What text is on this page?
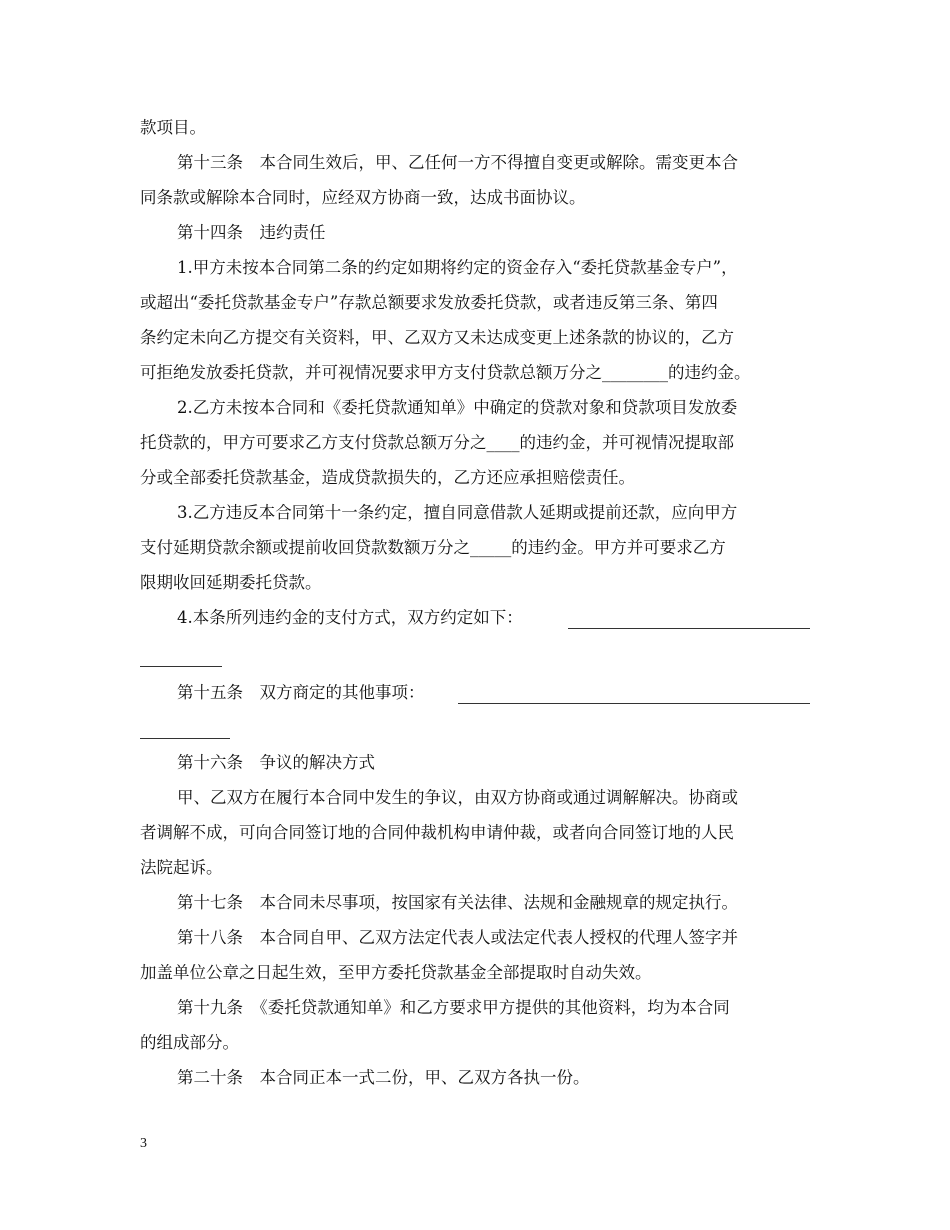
款项目。
第十三条　本合同生效后，甲、乙任何一方不得擅自变更或解除。需变更本合
同条款或解除本合同时，应经双方协商一致，达成书面协议。
第十四条　违约责任
1.甲方未按本合同第二条的约定如期将约定的资金存入“委托贷款基金专户”，
或超出“委托贷款基金专户”存款总额要求发放委托贷款，或者违反第三条、第四
条约定未向乙方提交有关资料，甲、乙双方又未达成变更上述条款的协议的，乙方
可拒绝发放委托贷款，并可视情况要求甲方支付贷款总额万分之________的违约金。
2.乙方未按本合同和《委托贷款通知单》中确定的贷款对象和贷款项目发放委
托贷款的，甲方可要求乙方支付贷款总额万分之____的违约金，并可视情况提取部
分或全部委托贷款基金，造成贷款损失的，乙方还应承担赔偿责任。
3.乙方违反本合同第十一条约定，擅自同意借款人延期或提前还款，应向甲方
支付延期贷款余额或提前收回贷款数额万分之_____的违约金。甲方并可要求乙方
限期收回延期委托贷款。
4.本条所列违约金的支付方式，双方约定如下：
第十五条　双方商定的其他事项：
第十六条　争议的解决方式
甲、乙双方在履行本合同中发生的争议，由双方协商或通过调解解决。协商或
者调解不成，可向合同签订地的合同仲裁机构申请仲裁，或者向合同签订地的人民
法院起诉。
第十七条　本合同未尽事项，按国家有关法律、法规和金融规章的规定执行。
第十八条　本合同自甲、乙双方法定代表人或法定代表人授权的代理人签字并
加盖单位公章之日起生效，至甲方委托贷款基金全部提取时自动失效。
第十九条　《委托贷款通知单》和乙方要求甲方提供的其他资料，均为本合同
的组成部分。
第二十条　本合同正本一式二份，甲、乙双方各执一份。
3
